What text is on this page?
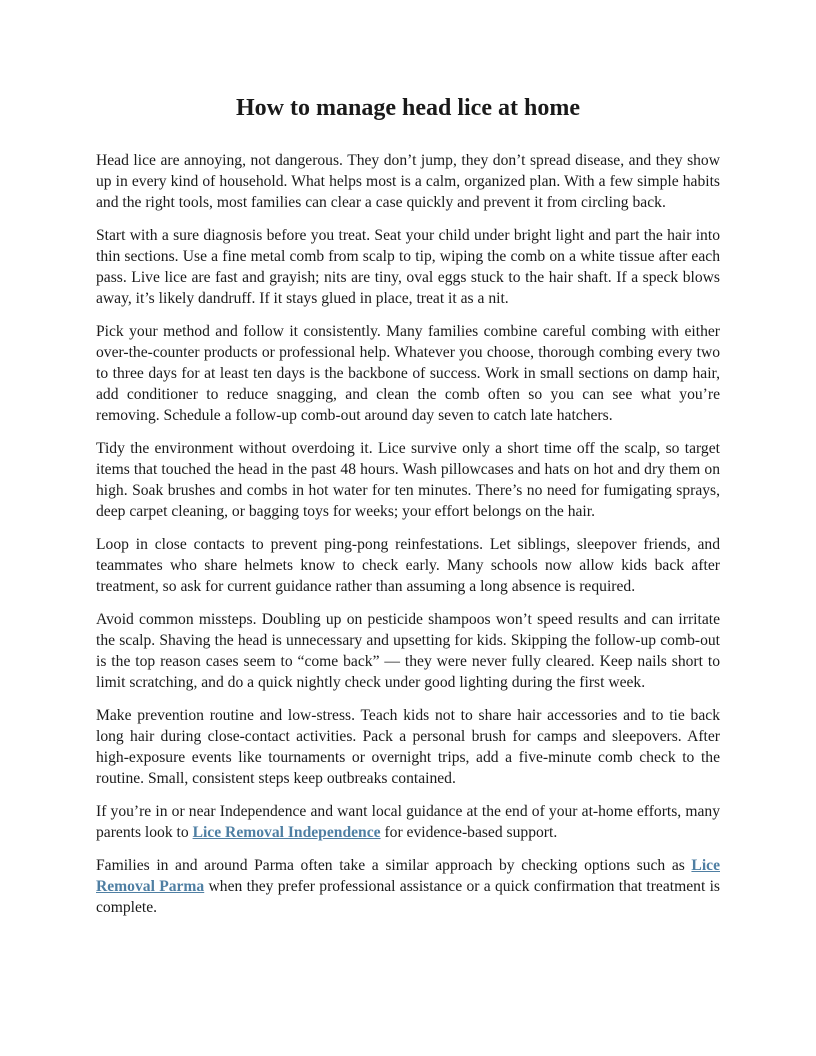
How to manage head lice at home

Head lice are annoying, not dangerous. They don’t jump, they don’t spread disease, and they show up in every kind of household. What helps most is a calm, organized plan. With a few simple habits and the right tools, most families can clear a case quickly and prevent it from circling back.

Start with a sure diagnosis before you treat. Seat your child under bright light and part the hair into thin sections. Use a fine metal comb from scalp to tip, wiping the comb on a white tissue after each pass. Live lice are fast and grayish; nits are tiny, oval eggs stuck to the hair shaft. If a speck blows away, it’s likely dandruff. If it stays glued in place, treat it as a nit.

Pick your method and follow it consistently. Many families combine careful combing with either over-the-counter products or professional help. Whatever you choose, thorough combing every two to three days for at least ten days is the backbone of success. Work in small sections on damp hair, add conditioner to reduce snagging, and clean the comb often so you can see what you’re removing. Schedule a follow-up comb-out around day seven to catch late hatchers.

Tidy the environment without overdoing it. Lice survive only a short time off the scalp, so target items that touched the head in the past 48 hours. Wash pillowcases and hats on hot and dry them on high. Soak brushes and combs in hot water for ten minutes. There’s no need for fumigating sprays, deep carpet cleaning, or bagging toys for weeks; your effort belongs on the hair.

Loop in close contacts to prevent ping-pong reinfestations. Let siblings, sleepover friends, and teammates who share helmets know to check early. Many schools now allow kids back after treatment, so ask for current guidance rather than assuming a long absence is required.

Avoid common missteps. Doubling up on pesticide shampoos won’t speed results and can irritate the scalp. Shaving the head is unnecessary and upsetting for kids. Skipping the follow-up comb-out is the top reason cases seem to “come back” — they were never fully cleared. Keep nails short to limit scratching, and do a quick nightly check under good lighting during the first week.

Make prevention routine and low-stress. Teach kids not to share hair accessories and to tie back long hair during close-contact activities. Pack a personal brush for camps and sleepovers. After high-exposure events like tournaments or overnight trips, add a five-minute comb check to the routine. Small, consistent steps keep outbreaks contained.

If you’re in or near Independence and want local guidance at the end of your at-home efforts, many parents look to Lice Removal Independence for evidence-based support.

Families in and around Parma often take a similar approach by checking options such as Lice Removal Parma when they prefer professional assistance or a quick confirmation that treatment is complete.
